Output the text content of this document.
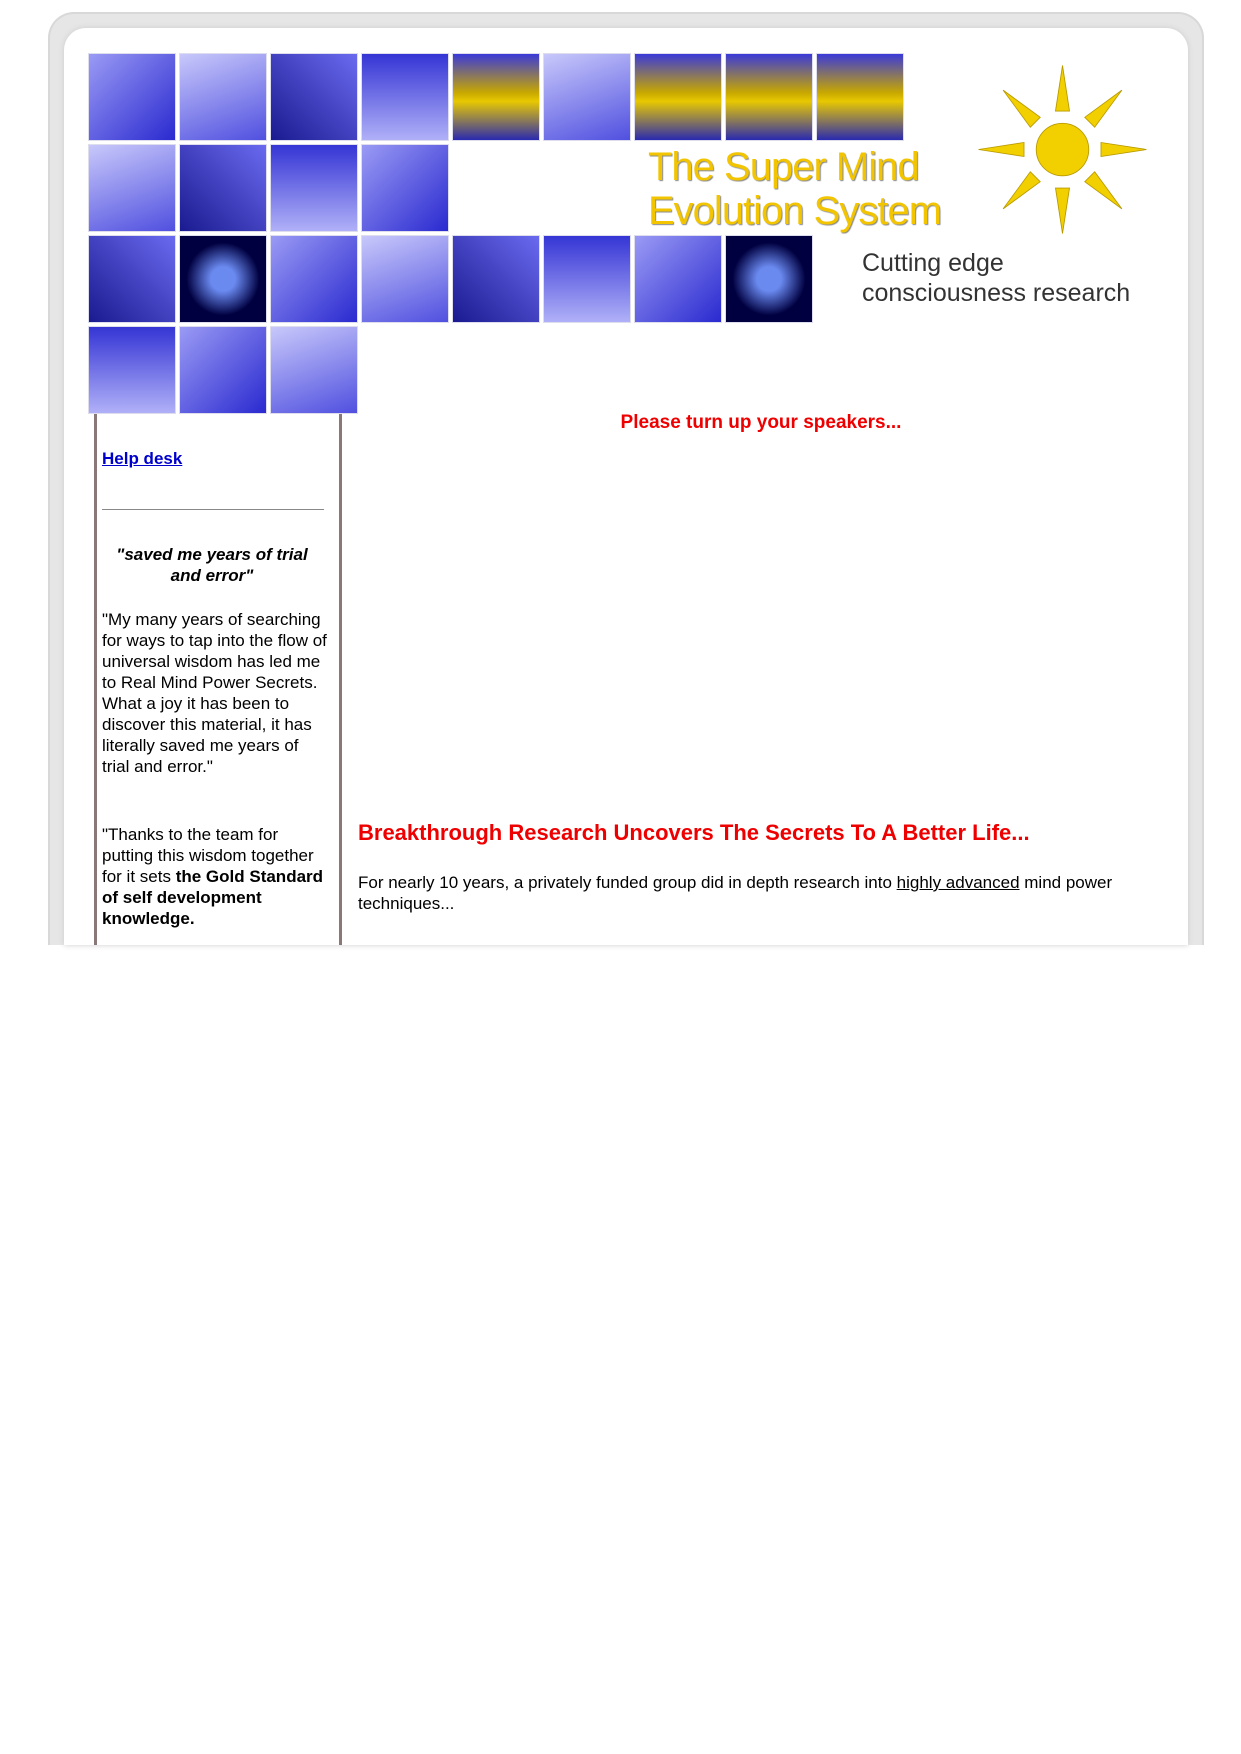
The Super Mind
Evolution System
Cutting edge
consciousness research
Help desk
"saved me years of trial and error"
"My many years of searching for ways to tap into the flow of universal wisdom has led me to Real Mind Power Secrets. What a joy it has been to discover this material, it has literally saved me years of trial and error."
"Thanks to the team for putting this wisdom together for it sets the Gold Standard of self development knowledge.
Please turn up your speakers...
Breakthrough Research Uncovers The Secrets To A Better Life...
For nearly 10 years, a privately funded group did in depth research into highly advanced mind power techniques...
